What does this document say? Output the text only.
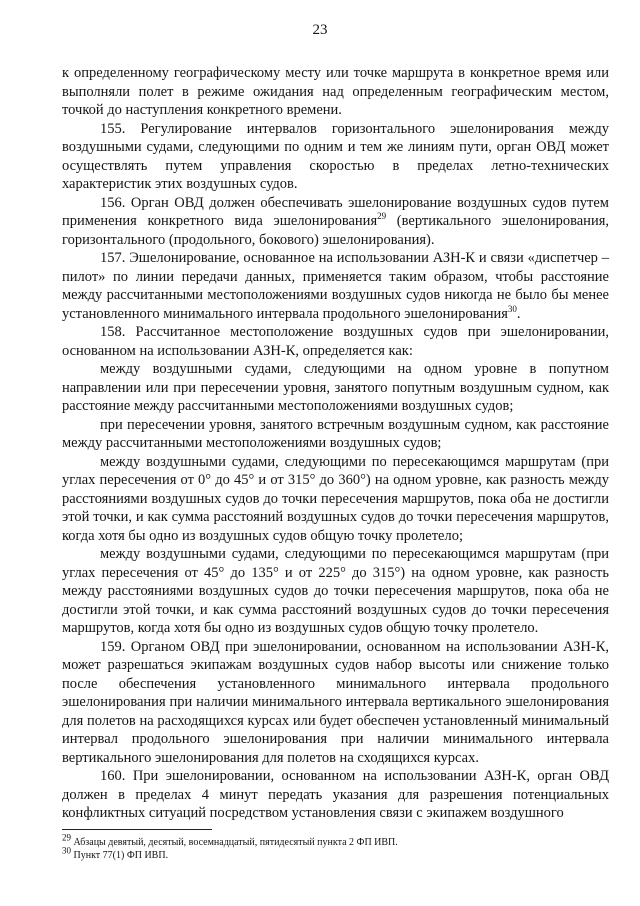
23

к определенному географическому месту или точке маршрута в конкретное время или выполняли полет в режиме ожидания над определенным географическим местом, точкой до наступления конкретного времени.

155. Регулирование интервалов горизонтального эшелонирования между воздушными судами, следующими по одним и тем же линиям пути, орган ОВД может осуществлять путем управления скоростью в пределах летно-технических характеристик этих воздушных судов.

156. Орган ОВД должен обеспечивать эшелонирование воздушных судов путем применения конкретного вида эшелонирования$^{29}$ (вертикального эшелонирования, горизонтального (продольного, бокового) эшелонирования).

157. Эшелонирование, основанное на использовании АЗН-К и связи «диспетчер – пилот» по линии передачи данных, применяется таким образом, чтобы расстояние между рассчитанными местоположениями воздушных судов никогда не было бы менее установленного минимального интервала продольного эшелонирования$^{30}$.

158. Рассчитанное местоположение воздушных судов при эшелонировании, основанном на использовании АЗН-К, определяется как:

между воздушными судами, следующими на одном уровне в попутном направлении или при пересечении уровня, занятого попутным воздушным судном, как расстояние между рассчитанными местоположениями воздушных судов;

при пересечении уровня, занятого встречным воздушным судном, как расстояние между рассчитанными местоположениями воздушных судов;

между воздушными судами, следующими по пересекающимся маршрутам (при углах пересечения от 0° до 45° и от 315° до 360°) на одном уровне, как разность между расстояниями воздушных судов до точки пересечения маршрутов, пока оба не достигли этой точки, и как сумма расстояний воздушных судов до точки пересечения маршрутов, когда хотя бы одно из воздушных судов общую точку пролетело;

между воздушными судами, следующими по пересекающимся маршрутам (при углах пересечения от 45° до 135° и от 225° до 315°) на одном уровне, как разность между расстояниями воздушных судов до точки пересечения маршрутов, пока оба не достигли этой точки, и как сумма расстояний воздушных судов до точки пересечения маршрутов, когда хотя бы одно из воздушных судов общую точку пролетело.

159. Органом ОВД при эшелонировании, основанном на использовании АЗН-К, может разрешаться экипажам воздушных судов набор высоты или снижение только после обеспечения установленного минимального интервала продольного эшелонирования при наличии минимального интервала вертикального эшелонирования для полетов на расходящихся курсах или будет обеспечен установленный минимальный интервал продольного эшелонирования при наличии минимального интервала вертикального эшелонирования для полетов на сходящихся курсах.

160. При эшелонировании, основанном на использовании АЗН-К, орган ОВД должен в пределах 4 минут передать указания для разрешения потенциальных конфликтных ситуаций посредством установления связи с экипажем воздушного

$^{29}$ Абзацы девятый, десятый, восемнадцатый, пятидесятый пункта 2 ФП ИВП.
$^{30}$ Пункт 77(1) ФП ИВП.
